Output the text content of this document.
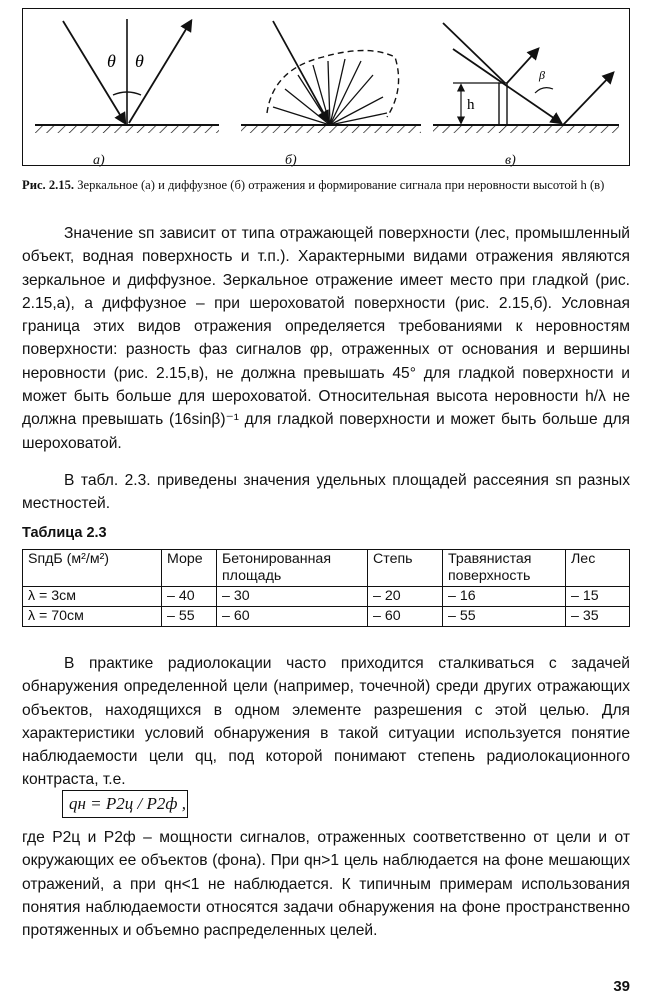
θ θ
h
β
а)	б)	в)
Рис. 2.15. Зеркальное (а) и диффузное (б) отражения и формирование сигнала при неровности высотой h (в)
Значение sп зависит от типа отражающей поверхности (лес, промышленный объект, водная поверхность и т.п.). Характерными видами отражения являются зеркальное и диффузное. Зеркальное отражение имеет место при гладкой (рис. 2.15,а), а диффузное – при шероховатой поверхности (рис. 2.15,б). Условная граница этих видов отражения определяется требованиями к неровностям поверхности: разность фаз сигналов φр, отраженных от основания и вершины неровности (рис. 2.15,в), не должна превышать 45° для гладкой поверхности и может быть больше для шероховатой. Относительная высота неровности h/λ не должна превышать (16sinβ)⁻¹ для гладкой поверхности и может быть больше для шероховатой.
В табл. 2.3. приведены значения удельных площадей рассеяния sп разных местностей.
Таблица 2.3
SпдБ (м²/м²)	Море	Бетонированная площадь	Степь	Травянистая поверхность	Лес
λ = 3см	– 40	– 30	– 20	– 16	– 15
λ = 70см	– 55	– 60	– 60	– 55	– 35
В практике радиолокации часто приходится сталкиваться с задачей обнаружения определенной цели (например, точечной) среди других отражающих объектов, находящихся в одном элементе разрешения с этой целью. Для характеристики условий обнаружения в такой ситуации используется понятие наблюдаемости цели qц, под которой понимают степень радиолокационного контраста, т.е.
qн = P2ц / P2ф ,
где P2ц и P2ф – мощности сигналов, отраженных соответственно от цели и от окружающих ее объектов (фона). При qн>1 цель наблюдается на фоне мешающих отражений, а при qн<1 не наблюдается. К типичным примерам использования понятия наблюдаемости относятся задачи обнаружения на фоне пространственно протяженных и объемно распределенных целей.
39
